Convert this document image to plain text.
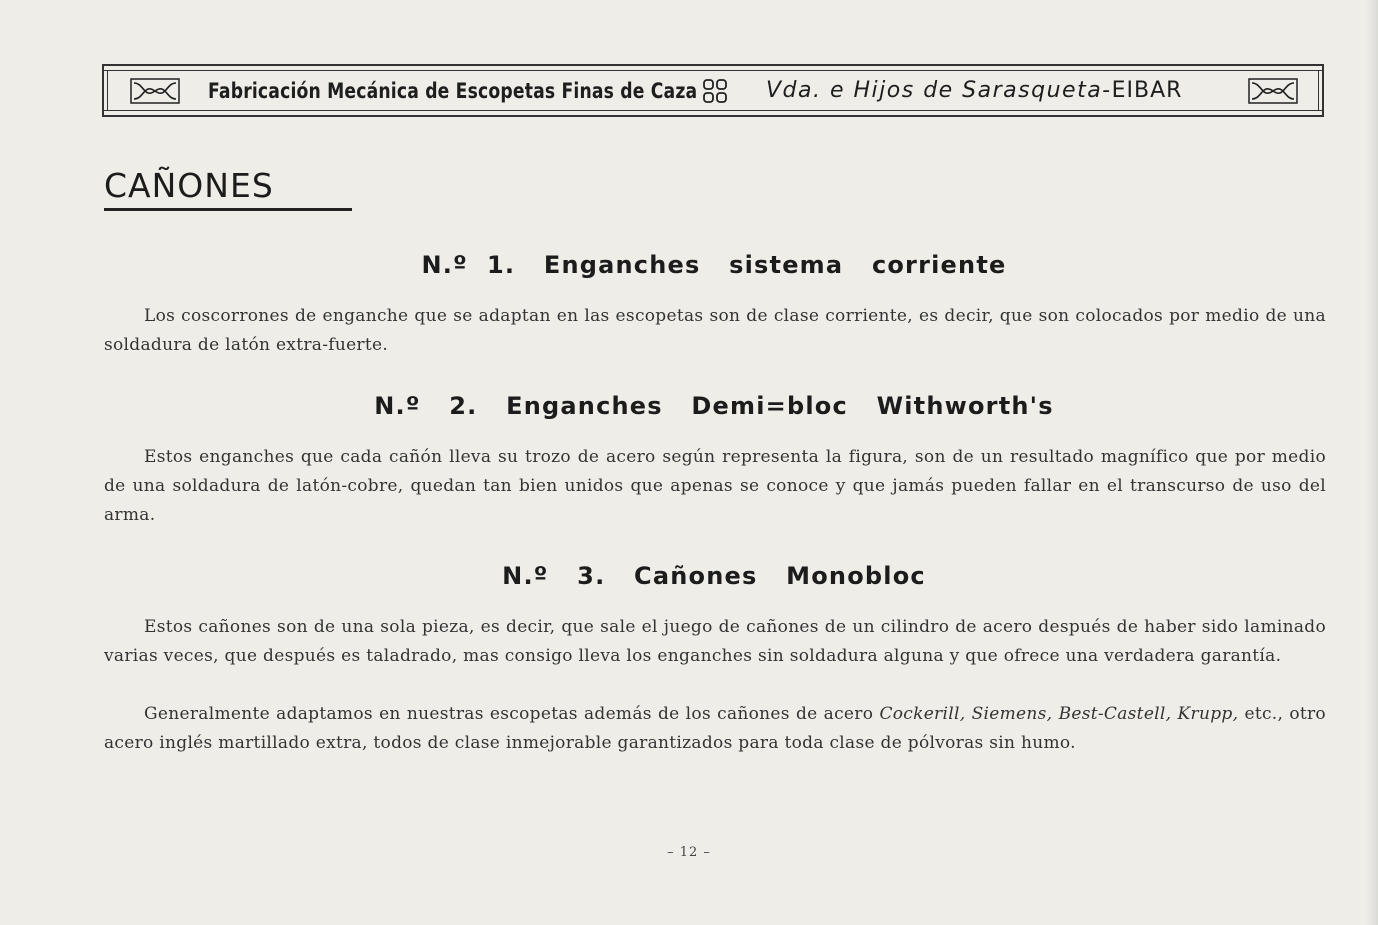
Fabricación Mecánica de Escopetas Finas de Caza	Vda. e Hijos de Sarasqueta-EIBAR
CAÑONES
N.º  1.   Enganches   sistema   corriente
Los coscorrones de enganche que se adaptan en las escopetas son de clase corriente, es decir, que son colocados por medio de una soldadura de latón extra-fuerte.
N.º   2.   Enganches   Demi=bloc   Withworth's
Estos enganches que cada cañón lleva su trozo de acero según representa la figura, son de un resultado magnífico que por medio de una soldadura de latón-cobre, quedan tan bien unidos que apenas se conoce y que jamás pueden fallar en el transcurso de uso del arma.
N.º   3.   Cañones   Monobloc
Estos cañones son de una sola pieza, es decir, que sale el juego de cañones de un cilindro de acero después de haber sido laminado varias veces, que después es taladrado, mas consigo lleva los enganches sin soldadura alguna y que ofrece una verdadera garantía.
Generalmente adaptamos en nuestras escopetas además de los cañones de acero Cockerill, Siemens, Best-Castell, Krupp, etc., otro acero inglés martillado extra, todos de clase inmejorable garantizados para toda clase de pólvoras sin humo.
– 12 –
